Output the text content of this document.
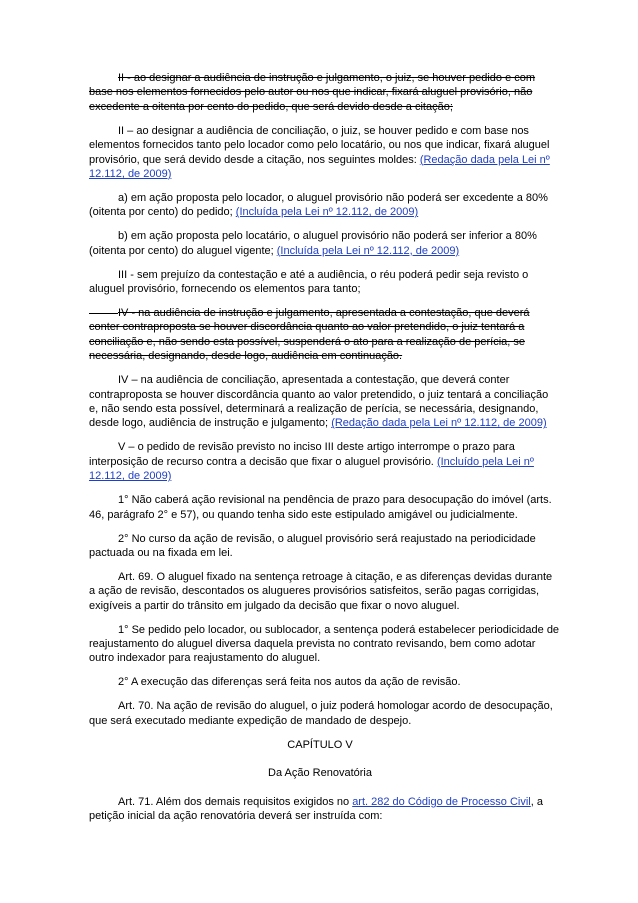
II - ao designar a audiência de instrução e julgamento, o juiz, se houver pedido e com
base nos elementos fornecidos pelo autor ou nos que indicar, fixará aluguel provisório, não
excedente a oitenta por cento do pedido, que será devido desde a citação;
II – ao designar a audiência de conciliação, o juiz, se houver pedido e com base nos
elementos fornecidos tanto pelo locador como pelo locatário, ou nos que indicar, fixará aluguel
provisório, que será devido desde a citação, nos seguintes moldes: (Redação dada pela Lei nº
12.112, de 2009)
a) em ação proposta pelo locador, o aluguel provisório não poderá ser excedente a 80%
(oitenta por cento) do pedido; (Incluída pela Lei nº 12.112, de 2009)
b) em ação proposta pelo locatário, o aluguel provisório não poderá ser inferior a 80%
(oitenta por cento) do aluguel vigente; (Incluída pela Lei nº 12.112, de 2009)
III - sem prejuízo da contestação e até a audiência, o réu poderá pedir seja revisto o
aluguel provisório, fornecendo os elementos para tanto;
IV - na audiência de instrução e julgamento, apresentada a contestação, que deverá
conter contraproposta se houver discordância quanto ao valor pretendido, o juiz tentará a
conciliação e, não sendo esta possível, suspenderá o ato para a realização de perícia, se
necessária, designando, desde logo, audiência em continuação.
IV – na audiência de conciliação, apresentada a contestação, que deverá conter
contraproposta se houver discordância quanto ao valor pretendido, o juiz tentará a conciliação
e, não sendo esta possível, determinará a realização de perícia, se necessária, designando,
desde logo, audiência de instrução e julgamento; (Redação dada pela Lei nº 12.112, de 2009)
V – o pedido de revisão previsto no inciso III deste artigo interrompe o prazo para
interposição de recurso contra a decisão que fixar o aluguel provisório. (Incluído pela Lei nº
12.112, de 2009)
1° Não caberá ação revisional na pendência de prazo para desocupação do imóvel (arts.
46, parágrafo 2° e 57), ou quando tenha sido este estipulado amigável ou judicialmente.
2° No curso da ação de revisão, o aluguel provisório será reajustado na periodicidade
pactuada ou na fixada em lei.
Art. 69. O aluguel fixado na sentença retroage à citação, e as diferenças devidas durante
a ação de revisão, descontados os alugueres provisórios satisfeitos, serão pagas corrigidas,
exigíveis a partir do trânsito em julgado da decisão que fixar o novo aluguel.
1° Se pedido pelo locador, ou sublocador, a sentença poderá estabelecer periodicidade de
reajustamento do aluguel diversa daquela prevista no contrato revisando, bem como adotar
outro indexador para reajustamento do aluguel.
2° A execução das diferenças será feita nos autos da ação de revisão.
Art. 70. Na ação de revisão do aluguel, o juiz poderá homologar acordo de desocupação,
que será executado mediante expedição de mandado de despejo.
CAPÍTULO V
Da Ação Renovatória
Art. 71. Além dos demais requisitos exigidos no art. 282 do Código de Processo Civil, a
petição inicial da ação renovatória deverá ser instruída com:
